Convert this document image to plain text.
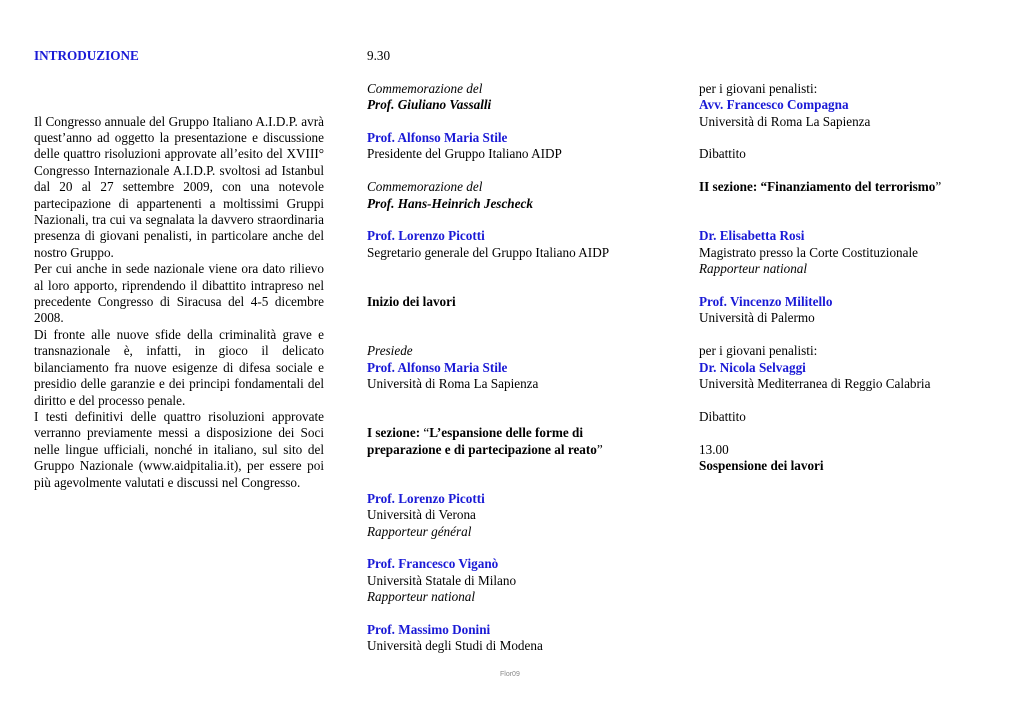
INTRODUZIONE
Il Congresso annuale del Gruppo Italiano A.I.D.P. avrà quest’anno ad oggetto la presentazione e discussione delle quattro risoluzioni approvate all’esito del XVIII° Congresso Internazionale A.I.D.P. svoltosi ad Istanbul dal 20 al 27 settembre 2009, con una notevole partecipazione di appartenenti a moltissimi Gruppi Nazionali, tra cui va segnalata la davvero straordinaria presenza di giovani penalisti, in particolare anche del nostro Gruppo.
Per cui anche in sede nazionale viene ora dato rilievo al loro apporto, riprendendo il dibattito intrapreso nel precedente Congresso di Siracusa del 4-5 dicembre 2008.
Di fronte alle nuove sfide della criminalità grave e transnazionale è, infatti, in gioco il delicato bilanciamento fra nuove esigenze di difesa sociale e presidio delle garanzie e dei principi fondamentali del diritto e del processo penale.
I testi definitivi delle quattro risoluzioni approvate verranno previamente messi a disposizione dei Soci nelle lingue ufficiali, nonché in italiano, sul sito del Gruppo Nazionale (www.aidpitalia.it), per essere poi più agevolmente valutati e discussi nel Congresso.
9.30
Commemorazione del
Prof. Giuliano Vassalli
Prof. Alfonso Maria Stile
Presidente del Gruppo Italiano AIDP
Commemorazione del
Prof. Hans-Heinrich Jescheck
Prof. Lorenzo Picotti
Segretario generale del Gruppo Italiano AIDP
Inizio dei lavori
Presiede
Prof. Alfonso Maria Stile
Università di Roma La Sapienza
I sezione: “L’espansione delle forme di
preparazione e di partecipazione al reato”
Prof. Lorenzo Picotti
Università di Verona
Rapporteur général
Prof. Francesco Viganò
Università Statale di Milano
Rapporteur national
Prof. Massimo Donini
Università degli Studi di Modena
per i giovani penalisti:
Avv. Francesco Compagna
Università di Roma La Sapienza
Dibattito
II sezione: “Finanziamento del terrorismo”
Dr. Elisabetta Rosi
Magistrato presso la Corte Costituzionale
Rapporteur national
Prof. Vincenzo Militello
Università di Palermo
per i giovani penalisti:
Dr. Nicola Selvaggi
Università Mediterranea di Reggio Calabria
Dibattito
13.00
Sospensione dei lavori
Flor09
